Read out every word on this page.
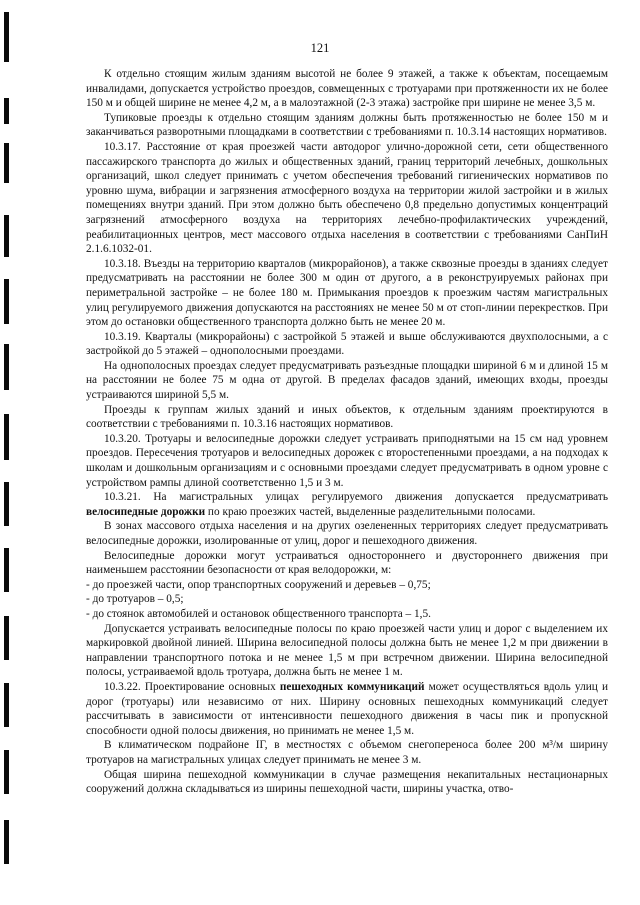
121

К отдельно стоящим жилым зданиям высотой не более 9 этажей, а также к объектам, посещаемым инвалидами, допускается устройство проездов, совмещенных с тротуарами при протяженности их не более 150 м и общей ширине не менее 4,2 м, а в малоэтажной (2-3 этажа) застройке при ширине не менее 3,5 м.

Тупиковые проезды к отдельно стоящим зданиям должны быть протяженностью не более 150 м и заканчиваться разворотными площадками в соответствии с требованиями п. 10.3.14 настоящих нормативов.

10.3.17. Расстояние от края проезжей части автодорог улично-дорожной сети, сети общественного пассажирского транспорта до жилых и общественных зданий, границ территорий лечебных, дошкольных организаций, школ следует принимать с учетом обеспечения требований гигиенических нормативов по уровню шума, вибрации и загрязнения атмосферного воздуха на территории жилой застройки и в жилых помещениях внутри зданий. При этом должно быть обеспечено 0,8 предельно допустимых концентраций загрязнений атмосферного воздуха на территориях лечебно-профилактических учреждений, реабилитационных центров, мест массового отдыха населения в соответствии с требованиями СанПиН 2.1.6.1032-01.

10.3.18. Въезды на территорию кварталов (микрорайонов), а также сквозные проезды в зданиях следует предусматривать на расстоянии не более 300 м один от другого, а в реконструируемых районах при периметральной застройке – не более 180 м. Примыкания проездов к проезжим частям магистральных улиц регулируемого движения допускаются на расстояниях не менее 50 м от стоп-линии перекрестков. При этом до остановки общественного транспорта должно быть не менее 20 м.

10.3.19. Кварталы (микрорайоны) с застройкой 5 этажей и выше обслуживаются двухполосными, а с застройкой до 5 этажей – однополосными проездами.

На однополосных проездах следует предусматривать разъездные площадки шириной 6 м и длиной 15 м на расстоянии не более 75 м одна от другой. В пределах фасадов зданий, имеющих входы, проезды устраиваются шириной 5,5 м.

Проезды к группам жилых зданий и иных объектов, к отдельным зданиям проектируются в соответствии с требованиями п. 10.3.16 настоящих нормативов.

10.3.20. Тротуары и велосипедные дорожки следует устраивать приподнятыми на 15 см над уровнем проездов. Пересечения тротуаров и велосипедных дорожек с второстепенными проездами, а на подходах к школам и дошкольным организациям и с основными проездами следует предусматривать в одном уровне с устройством рампы длиной соответственно 1,5 и 3 м.

10.3.21. На магистральных улицах регулируемого движения допускается предусматривать велосипедные дорожки по краю проезжих частей, выделенные разделительными полосами.

В зонах массового отдыха населения и на других озелененных территориях следует предусматривать велосипедные дорожки, изолированные от улиц, дорог и пешеходного движения.

Велосипедные дорожки могут устраиваться одностороннего и двустороннего движения при наименьшем расстоянии безопасности от края велодорожки, м:

- до проезжей части, опор транспортных сооружений и деревьев – 0,75;

- до тротуаров – 0,5;

- до стоянок автомобилей и остановок общественного транспорта – 1,5.

Допускается устраивать велосипедные полосы по краю проезжей части улиц и дорог с выделением их маркировкой двойной линией. Ширина велосипедной полосы должна быть не менее 1,2 м при движении в направлении транспортного потока и не менее 1,5 м при встречном движении. Ширина велосипедной полосы, устраиваемой вдоль тротуара, должна быть не менее 1 м.

10.3.22. Проектирование основных пешеходных коммуникаций может осуществляться вдоль улиц и дорог (тротуары) или независимо от них. Ширину основных пешеходных коммуникаций следует рассчитывать в зависимости от интенсивности пешеходного движения в часы пик и пропускной способности одной полосы движения, но принимать не менее 1,5 м.

В климатическом подрайоне IГ, в местностях с объемом снегопереноса более 200 м³/м ширину тротуаров на магистральных улицах следует принимать не менее 3 м.

Общая ширина пешеходной коммуникации в случае размещения некапитальных нестационарных сооружений должна складываться из ширины пешеходной части, ширины участка, отво-
